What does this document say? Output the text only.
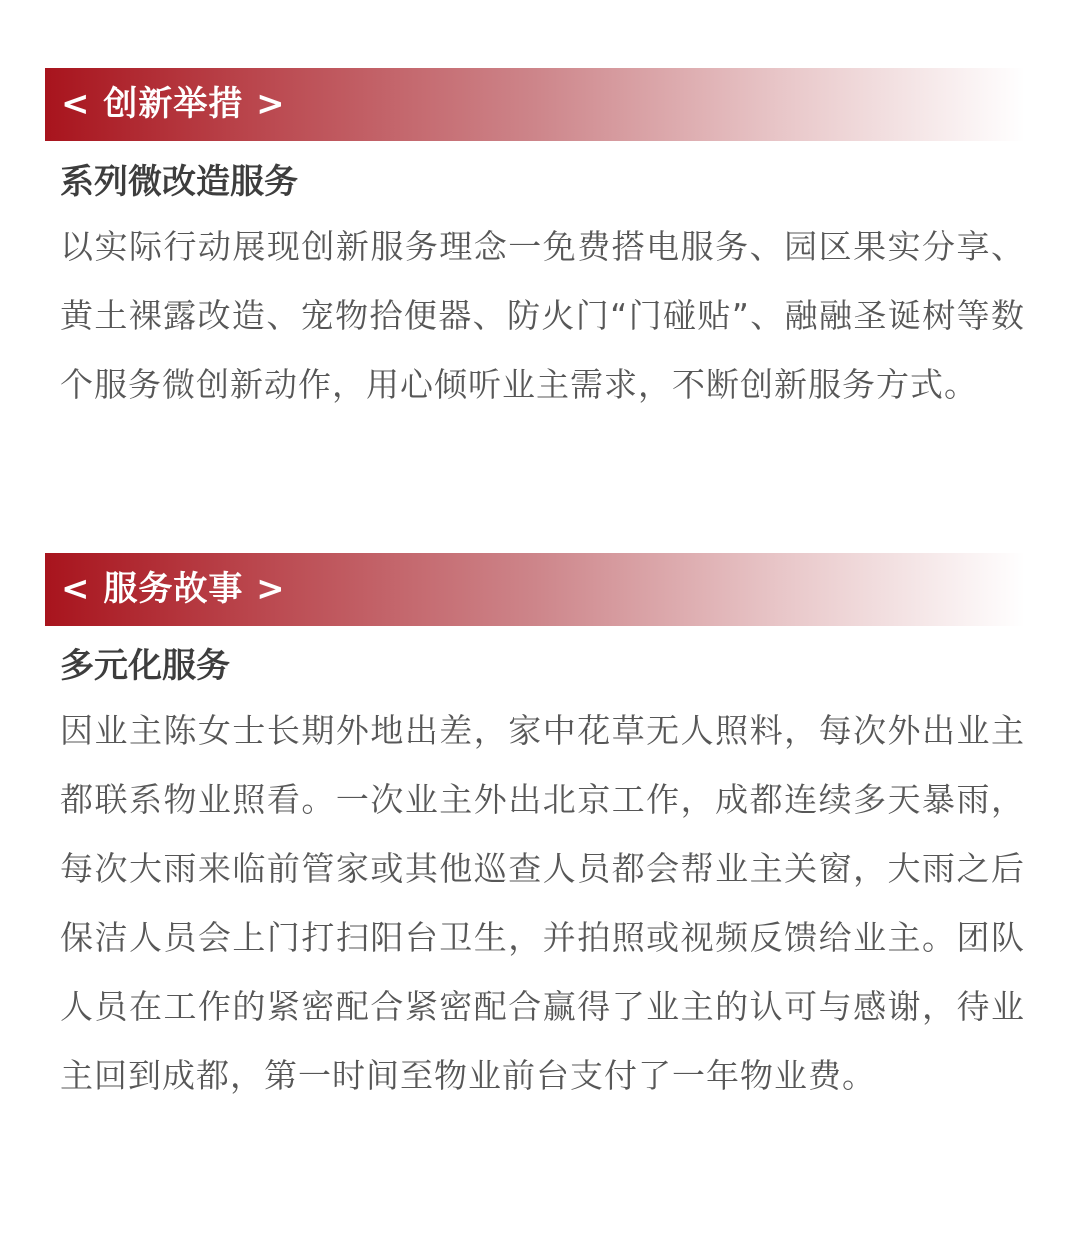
< 创新举措 >
系列微改造服务

以实际行动展现创新服务理念一免费搭电服务、园区果实分享、黄土裸露改造、宠物拾便器、防火门“门碰贴”、融融圣诞树等数个服务微创新动作，用心倾听业主需求，不断创新服务方式。

< 服务故事 >
多元化服务

因业主陈女士长期外地出差，家中花草无人照料，每次外出业主都联系物业照看。一次业主外出北京工作，成都连续多天暴雨，每次大雨来临前管家或其他巡查人员都会帮业主关窗，大雨之后保洁人员会上门打扫阳台卫生，并拍照或视频反馈给业主。团队人员在工作的紧密配合紧密配合赢得了业主的认可与感谢，待业主回到成都，第一时间至物业前台支付了一年物业费。
